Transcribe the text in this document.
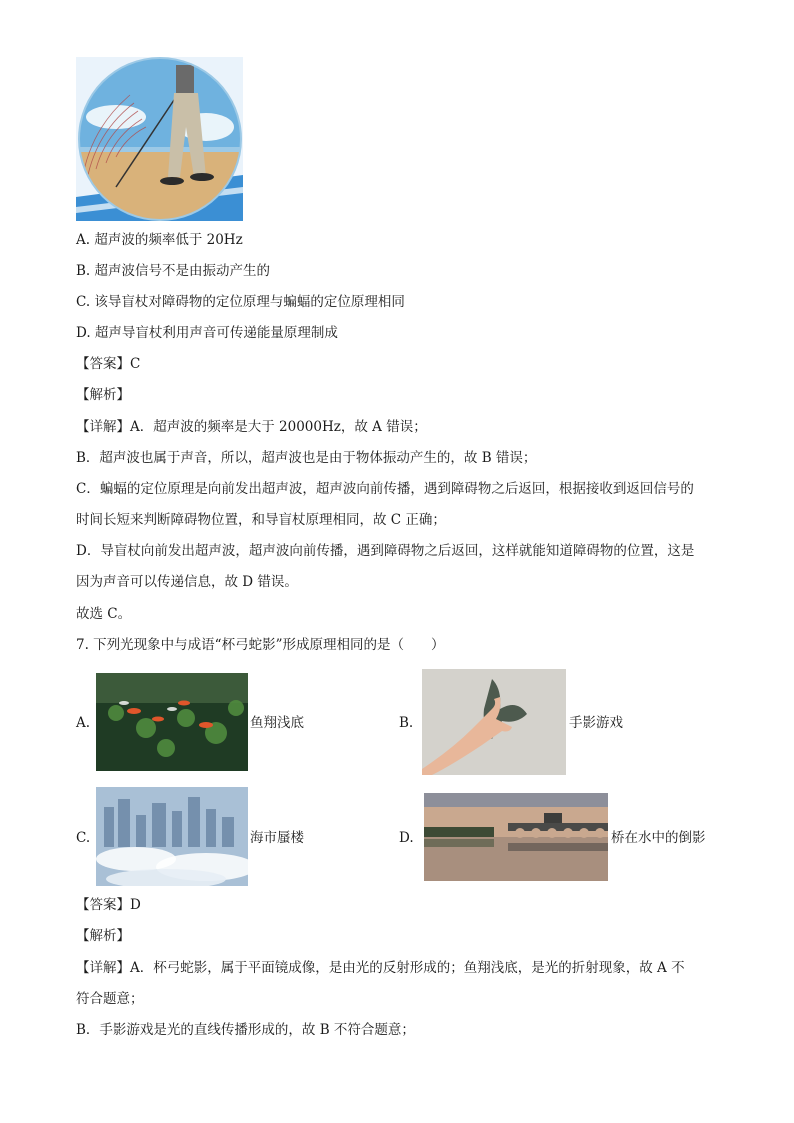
A. 超声波的频率低于 20Hz
B. 超声波信号不是由振动产生的
C. 该导盲杖对障碍物的定位原理与蝙蝠的定位原理相同
D. 超声导盲杖利用声音可传递能量原理制成
【答案】C
【解析】
【详解】A．超声波的频率是大于 20000Hz，故 A 错误；
B．超声波也属于声音，所以，超声波也是由于物体振动产生的，故 B 错误；
C．蝙蝠的定位原理是向前发出超声波，超声波向前传播，遇到障碍物之后返回，根据接收到返回信号的
时间长短来判断障碍物位置，和导盲杖原理相同，故 C 正确；
D．导盲杖向前发出超声波，超声波向前传播，遇到障碍物之后返回，这样就能知道障碍物的位置，这是
因为声音可以传递信息，故 D 错误。
故选 C。
7. 下列光现象中与成语“杯弓蛇影”形成原理相同的是（　　）
A.	鱼翔浅底	B.	手影游戏
C.	海市蜃楼	D.	桥在水中的倒影
【答案】D
【解析】
【详解】A．杯弓蛇影，属于平面镜成像，是由光的反射形成的；鱼翔浅底，是光的折射现象，故 A 不
符合题意；
B．手影游戏是光的直线传播形成的，故 B 不符合题意；
